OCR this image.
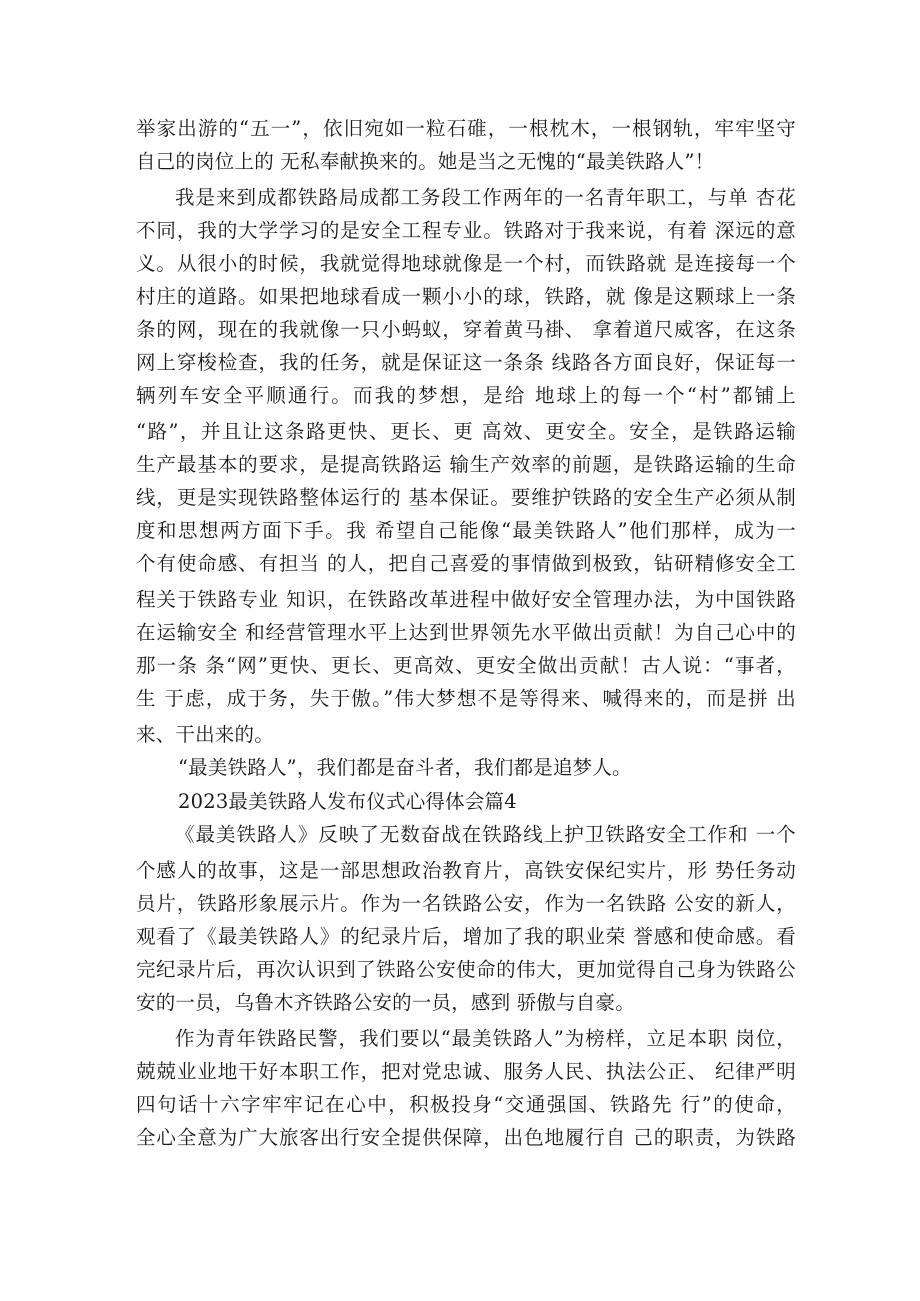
举家出游的“五一”，依旧宛如一粒石碓，一根枕木，一根钢轨，牢牢坚守
自己的岗位上的 无私奉献换来的。她是当之无愧的“最美铁路人”！
我是来到成都铁路局成都工务段工作两年的一名青年职工，与单 杏花
不同，我的大学学习的是安全工程专业。铁路对于我来说，有着 深远的意
义。从很小的时候，我就觉得地球就像是一个村，而铁路就 是连接每一个
村庄的道路。如果把地球看成一颗小小的球，铁路，就 像是这颗球上一条
条的网，现在的我就像一只小蚂蚁，穿着黄马褂、 拿着道尺威客，在这条
网上穿梭检查，我的任务，就是保证这一条条 线路各方面良好，保证每一
辆列车安全平顺通行。而我的梦想，是给 地球上的每一个“村”都铺上
“路”，并且让这条路更快、更长、更 高效、更安全。安全，是铁路运输
生产最基本的要求，是提高铁路运 输生产效率的前题，是铁路运输的生命
线，更是实现铁路整体运行的 基本保证。要维护铁路的安全生产必须从制
度和思想两方面下手。我 希望自己能像“最美铁路人”他们那样，成为一
个有使命感、有担当 的人，把自己喜爱的事情做到极致，钻研精修安全工
程关于铁路专业 知识，在铁路改革进程中做好安全管理办法，为中国铁路
在运输安全 和经营管理水平上达到世界领先水平做出贡献！为自己心中的
那一条 条“网”更快、更长、更高效、更安全做出贡献！古人说：“事者，
生 于虑，成于务，失于傲。”伟大梦想不是等得来、喊得来的，而是拼 出
来、干出来的。
“最美铁路人”，我们都是奋斗者，我们都是追梦人。
2023最美铁路人发布仪式心得体会篇4
《最美铁路人》反映了无数奋战在铁路线上护卫铁路安全工作和 一个
个感人的故事，这是一部思想政治教育片，高铁安保纪实片，形 势任务动
员片，铁路形象展示片。作为一名铁路公安，作为一名铁路 公安的新人，
观看了《最美铁路人》的纪录片后，增加了我的职业荣 誉感和使命感。看
完纪录片后，再次认识到了铁路公安使命的伟大，更加觉得自己身为铁路公
安的一员，乌鲁木齐铁路公安的一员，感到 骄傲与自豪。
作为青年铁路民警，我们要以“最美铁路人”为榜样，立足本职 岗位，
兢兢业业地干好本职工作，把对党忠诚、服务人民、执法公正、 纪律严明
四句话十六字牢牢记在心中，积极投身“交通强国、铁路先 行”的使命，
全心全意为广大旅客出行安全提供保障，出色地履行自 己的职责，为铁路
